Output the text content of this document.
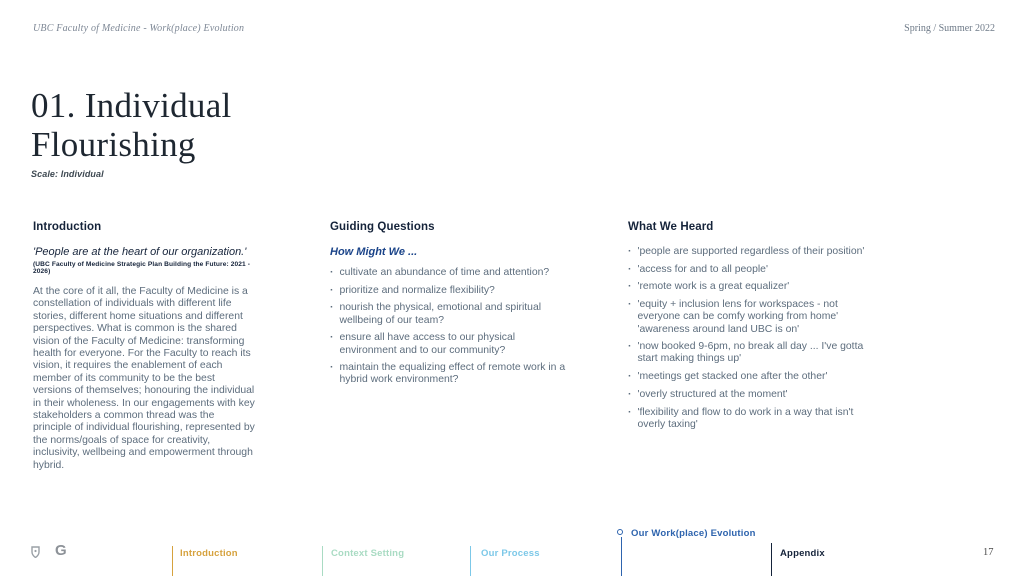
UBC Faculty of Medicine - Work(place) Evolution	Spring / Summer 2022
01. Individual
Flourishing
Scale: Individual
Introduction
'People are at the heart of our organization.'
(UBC Faculty of Medicine Strategic Plan Building the Future: 2021 - 2026)
At the core of it all, the Faculty of Medicine is a constellation of individuals with different life stories, different home situations and different perspectives. What is common is the shared vision of the Faculty of Medicine: transforming health for everyone. For the Faculty to reach its vision, it requires the enablement of each member of its community to be the best versions of themselves; honouring the individual in their wholeness. In our engagements with key stakeholders a common thread was the principle of individual flourishing, represented by the norms/goals of space for creativity, inclusivity, wellbeing and empowerment through hybrid.
Guiding Questions
How Might We ...
· cultivate an abundance of time and attention?
· prioritize and normalize flexibility?
· nourish the physical, emotional and spiritual wellbeing of our team?
· ensure all have access to our physical environment and to our community?
· maintain the equalizing effect of remote work in a hybrid work environment?
What We Heard
· 'people are supported regardless of their position'
· 'access for and to all people'
· 'remote work is a great equalizer'
· 'equity + inclusion lens for workspaces - not everyone can be comfy working from home' 'awareness around land UBC is on'
· 'now booked 9-6pm, no break all day ... I've gotta start making things up'
· 'meetings get stacked one after the other'
· 'overly structured at the moment'
· 'flexibility and flow to do work in a way that isn't overly taxing'
G	Introduction	Context Setting	Our Process
Our Work(place) Evolution
Appendix	17
